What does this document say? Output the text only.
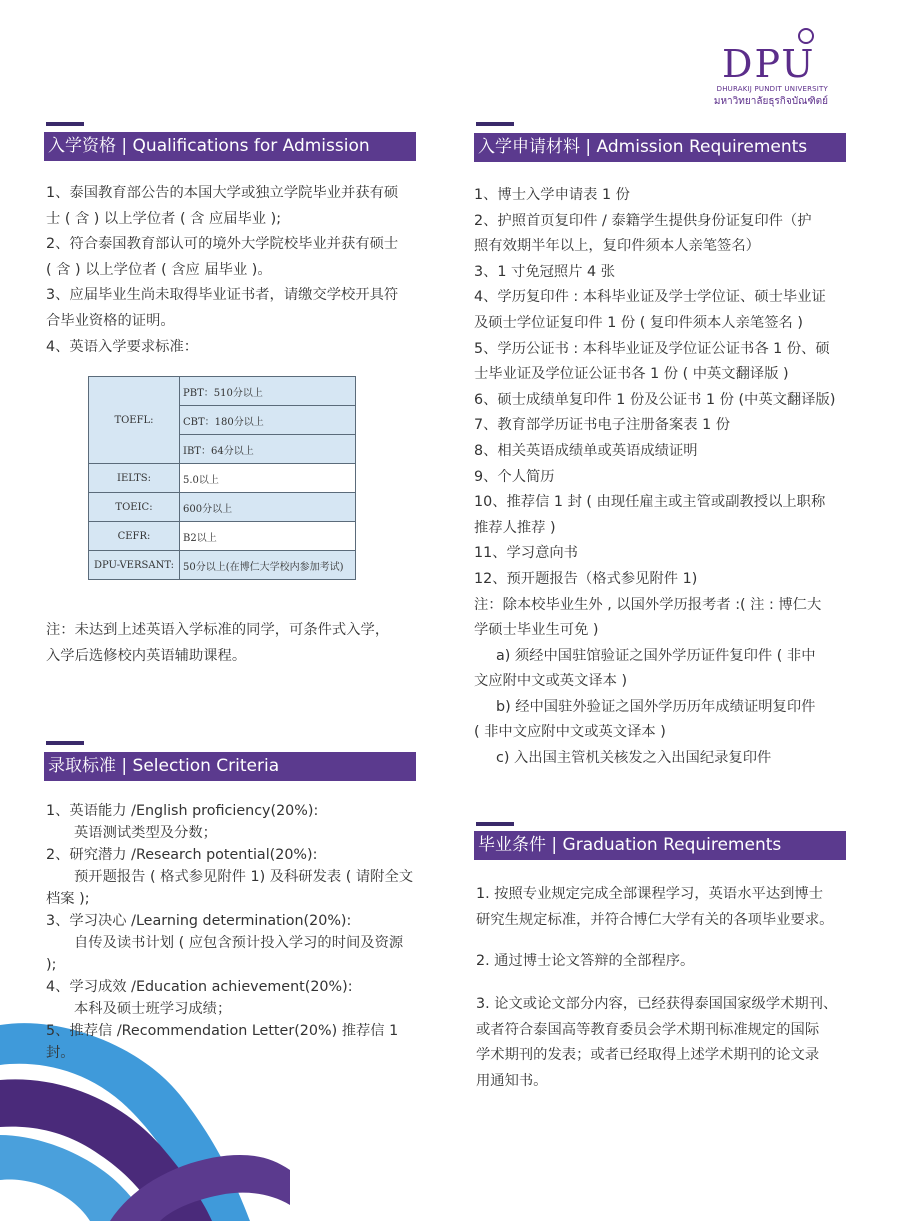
DPU
DHURAKIJ PUNDIT UNIVERSITY
มหาวิทยาลัยธุรกิจบัณฑิตย์
入学资格 | Qualifications for Admission

1、泰国教育部公告的本国大学或独立学院毕业并获有硕

士 ( 含 ) 以上学位者 ( 含 应届毕业 );

2、符合泰国教育部认可的境外大学院校毕业并获有硕士

( 含 ) 以上学位者 ( 含应 届毕业 )。

3、应届毕业生尚未取得毕业证书者，请缴交学校开具符

合毕业资格的证明。

4、英语入学要求标准：

TOEFL:	PBT：510分以上
	CBT：180分以上
	IBT：64分以上
IELTS:	5.0以上
TOEIC:	600分以上
CEFR:	B2以上
DPU-VERSANT:	50分以上(在博仁大学校内参加考试)

注：未达到上述英语入学标准的同学，可条件式入学，

入学后选修校内英语辅助课程。

录取标准 | Selection Criteria

1、英语能力 /English proficiency(20%):

英语测试类型及分数；

2、研究潜力 /Research potential(20%):

预开题报告 ( 格式参见附件 1) 及科研发表 ( 请附全文

档案 );

3、学习决心 /Learning determination(20%):

自传及读书计划 ( 应包含预计投入学习的时间及资源

);

4、学习成效 /Education achievement(20%):

本科及硕士班学习成绩；

5、推荐信 /Recommendation Letter(20%) 推荐信 1 封。

入学申请材料 | Admission Requirements

1、博士入学申请表 1 份

2、护照首页复印件 / 泰籍学生提供身份证复印件（护

照有效期半年以上，复印件须本人亲笔签名）

3、1 寸免冠照片 4 张

4、学历复印件 : 本科毕业证及学士学位证、硕士毕业证

及硕士学位证复印件 1 份 ( 复印件须本人亲笔签名 )

5、学历公证书 : 本科毕业证及学位证公证书各 1 份、硕

士毕业证及学位证公证书各 1 份 ( 中英文翻译版 )

6、硕士成绩单复印件 1 份及公证书 1 份 (中英文翻译版)

7、教育部学历证书电子注册备案表 1 份

8、相关英语成绩单或英语成绩证明

9、个人简历

10、推荐信 1 封 ( 由现任雇主或主管或副教授以上职称

推荐人推荐 )

11、学习意向书

12、预开题报告（格式参见附件 1)

注：除本校毕业生外 , 以国外学历报考者 :( 注 : 博仁大

学硕士毕业生可免 )

a) 须经中国驻馆验证之国外学历证件复印件 ( 非中

文应附中文或英文译本 )

b) 经中国驻外验证之国外学历历年成绩证明复印件

( 非中文应附中文或英文译本 )

c) 入出国主管机关核发之入出国纪录复印件

毕业条件 | Graduation Requirements

1. 按照专业规定完成全部课程学习，英语水平达到博士

研究生规定标准，并符合博仁大学有关的各项毕业要求。

2. 通过博士论文答辩的全部程序。

3. 论文或论文部分内容，已经获得泰国国家级学术期刊、

或者符合泰国高等教育委员会学术期刊标准规定的国际

学术期刊的发表；或者已经取得上述学术期刊的论文录

用通知书。
